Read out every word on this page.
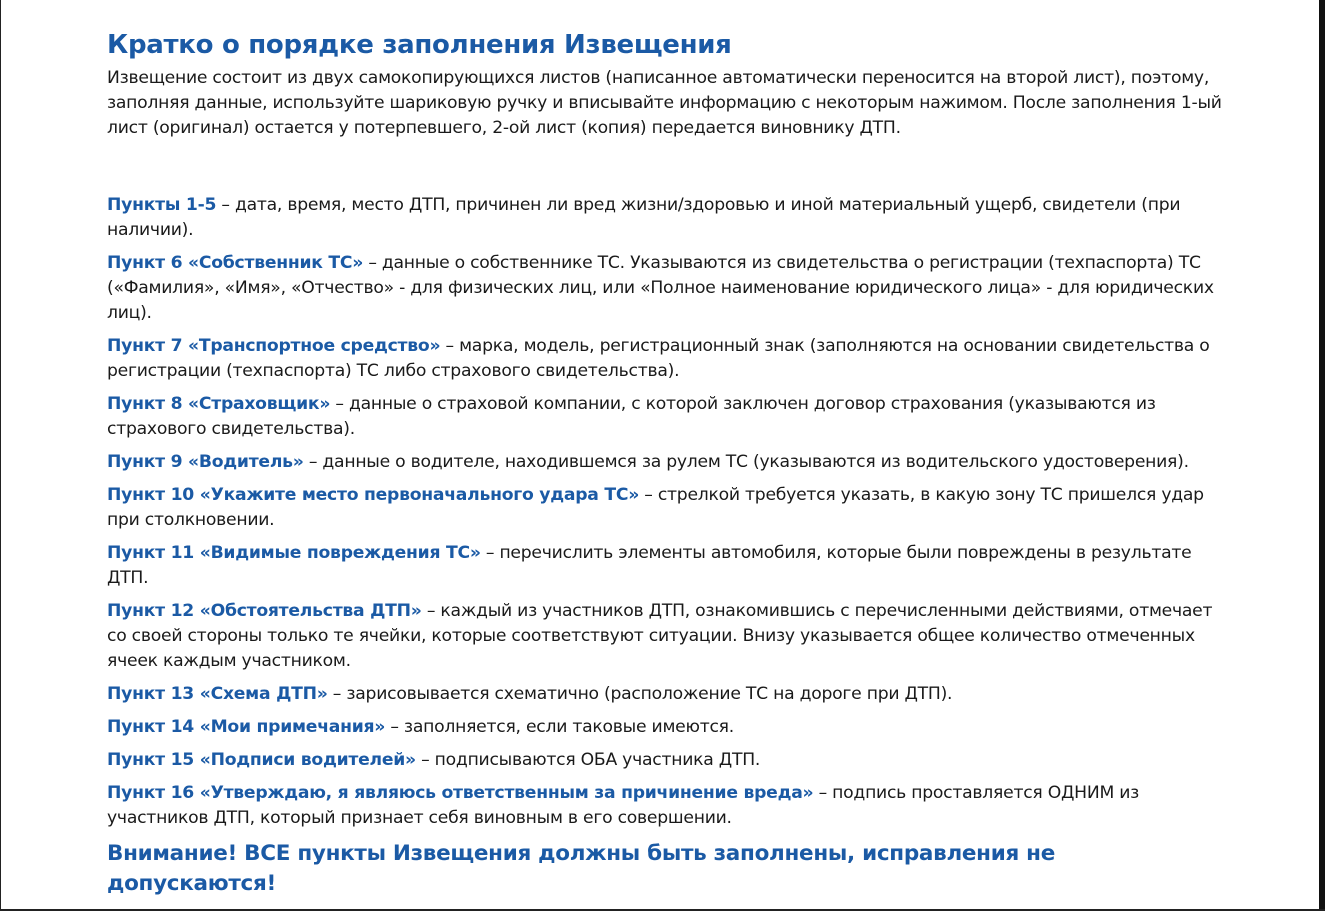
Кратко о порядке заполнения Извещения

Извещение состоит из двух самокопирующихся листов (написанное автоматически переносится на второй лист), поэтому, заполняя данные, используйте шариковую ручку и вписывайте информацию с некоторым нажимом. После заполнения 1-ый лист (оригинал) остается у потерпевшего, 2-ой лист (копия) передается виновнику ДТП.

Пункты 1-5 – дата, время, место ДТП, причинен ли вред жизни/здоровью и иной материальный ущерб, свидетели (при наличии).

Пункт 6 «Собственник ТС» – данные о собственнике ТС. Указываются из свидетельства о регистрации (техпаспорта) ТС («Фамилия», «Имя», «Отчество» - для физических лиц, или «Полное наименование юридического лица» - для юридических лиц).

Пункт 7 «Транспортное средство» – марка, модель, регистрационный знак (заполняются на основании свидетельства о регистрации (техпаспорта) ТС либо страхового свидетельства).

Пункт 8 «Страховщик» – данные о страховой компании, с которой заключен договор страхования (указываются из страхового свидетельства).

Пункт 9 «Водитель» – данные о водителе, находившемся за рулем ТС (указываются из водительского удостоверения).

Пункт 10 «Укажите место первоначального удара ТС» – стрелкой требуется указать, в какую зону ТС пришелся удар при столкновении.

Пункт 11 «Видимые повреждения ТС» – перечислить элементы автомобиля, которые были повреждены в результате ДТП.

Пункт 12 «Обстоятельства ДТП» – каждый из участников ДТП, ознакомившись с перечисленными действиями, отмечает со своей стороны только те ячейки, которые соответствуют ситуации. Внизу указывается общее количество отмеченных ячеек каждым участником.

Пункт 13 «Схема ДТП» – зарисовывается схематично (расположение ТС на дороге при ДТП).

Пункт 14 «Мои примечания» – заполняется, если таковые имеются.

Пункт 15 «Подписи водителей» – подписываются ОБА участника ДТП.

Пункт 16 «Утверждаю, я являюсь ответственным за причинение вреда» – подпись проставляется ОДНИМ из участников ДТП, который признает себя виновным в его совершении.

Внимание! ВСЕ пункты Извещения должны быть заполнены, исправления не допускаются!
